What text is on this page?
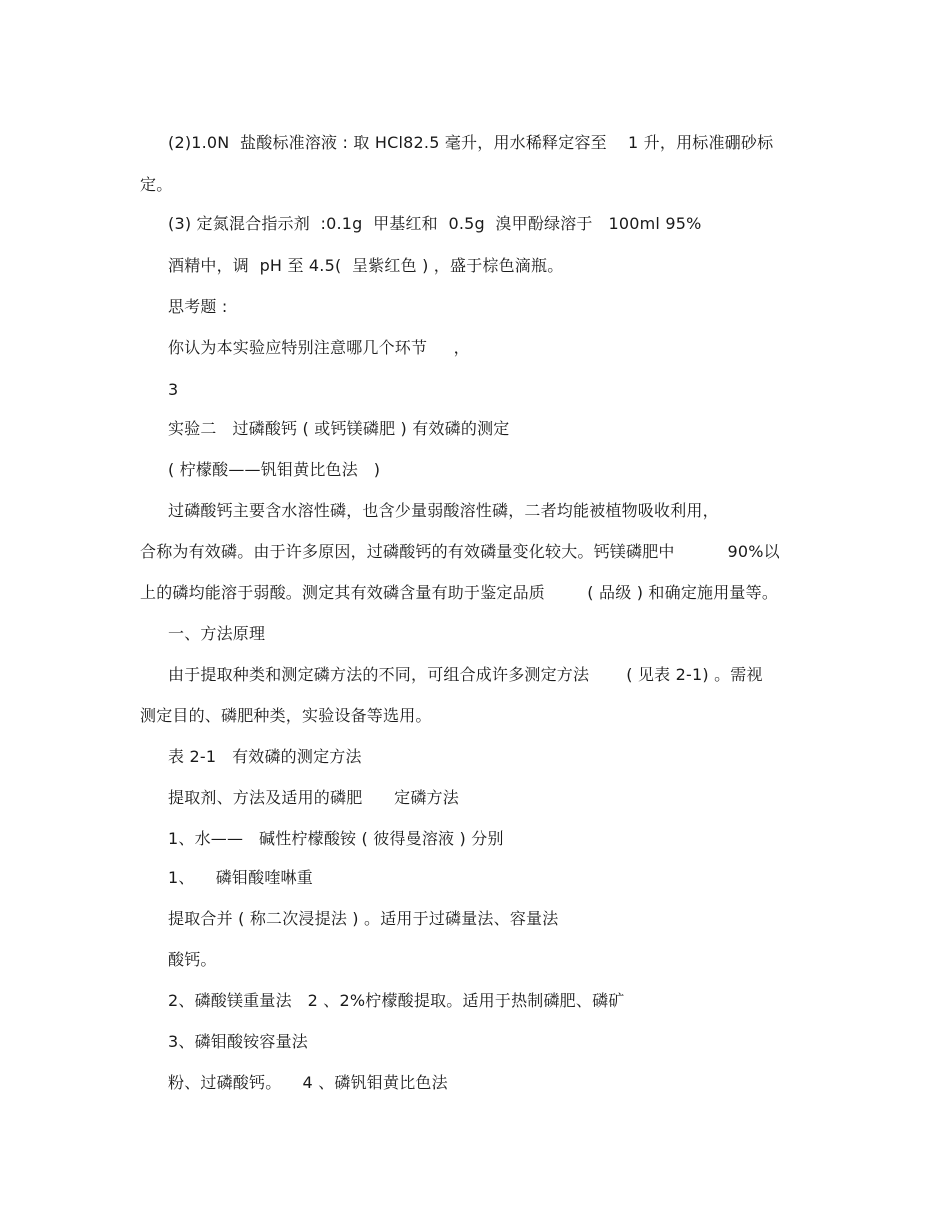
(2)1.0N  盐酸标准溶液 : 取 HCl82.5 毫升，用水稀释定容至    1 升，用标准硼砂标
定。
(3) 定氮混合指示剂  :0.1g  甲基红和  0.5g  溴甲酚绿溶于   100ml 95%
酒精中，调  pH 至 4.5(  呈紫红色 ) ，盛于棕色滴瓶。
思考题 :
你认为本实验应特别注意哪几个环节     ，
3
实验二   过磷酸钙 ( 或钙镁磷肥 ) 有效磷的测定
( 柠檬酸——钒钼黄比色法   )
过磷酸钙主要含水溶性磷，也含少量弱酸溶性磷，二者均能被植物吸收利用，
合称为有效磷。由于许多原因，过磷酸钙的有效磷量变化较大。钙镁磷肥中          90%以
上的磷均能溶于弱酸。测定其有效磷含量有助于鉴定品质        ( 品级 ) 和确定施用量等。
一、方法原理
由于提取种类和测定磷方法的不同，可组合成许多测定方法       ( 见表 2-1) 。需视
测定目的、磷肥种类，实验设备等选用。
表 2-1   有效磷的测定方法
提取剂、方法及适用的磷肥      定磷方法
1、水——   碱性柠檬酸铵 ( 彼得曼溶液 ) 分别
1、    磷钼酸喹啉重
提取合并 ( 称二次浸提法 ) 。适用于过磷量法、容量法
酸钙。
2、磷酸镁重量法   2 、2%柠檬酸提取。适用于热制磷肥、磷矿
3、磷钼酸铵容量法
粉、过磷酸钙。    4 、磷钒钼黄比色法
